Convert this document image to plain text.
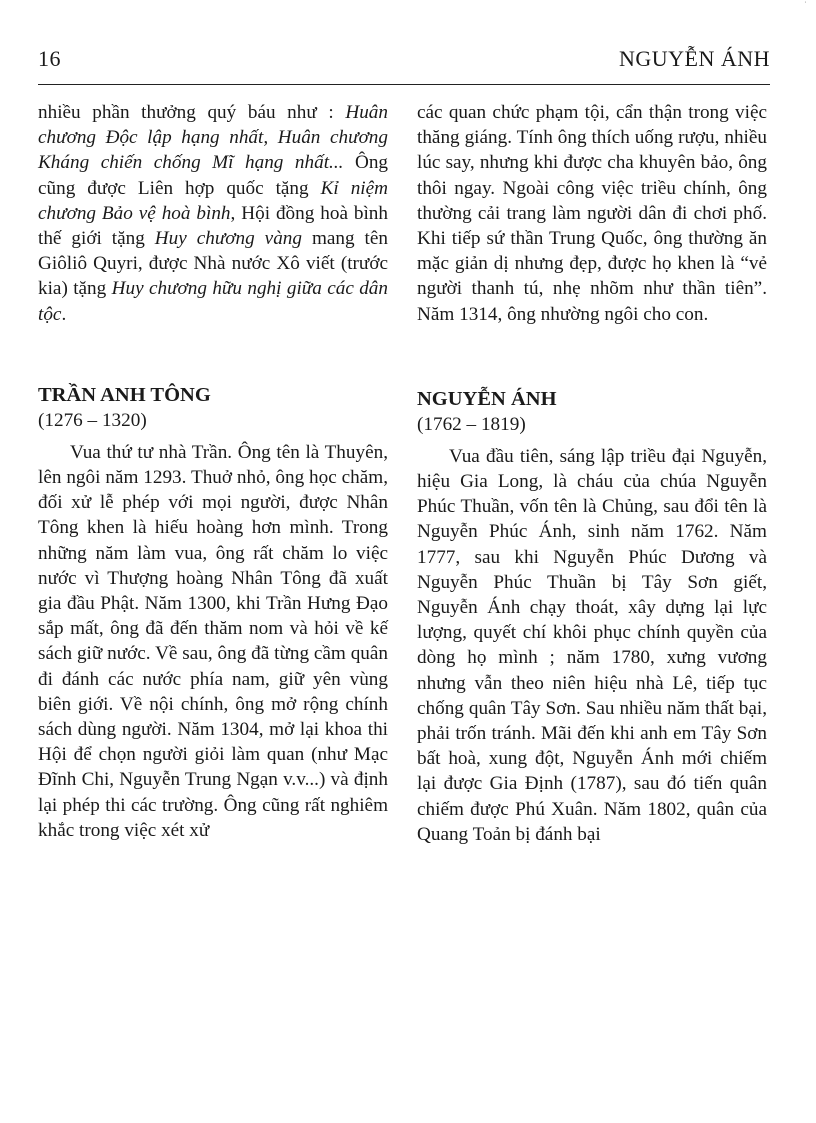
˙
16	NGUYỄN ÁNH

nhiều phần thưởng quý báu như : Huân chương Độc lập hạng nhất, Huân chương Kháng chiến chống Mĩ hạng nhất... Ông cũng được Liên hợp quốc tặng Kỉ niệm chương Bảo vệ hoà bình, Hội đồng hoà bình thế giới tặng Huy chương vàng mang tên Giôliô Quyri, được Nhà nước Xô viết (trước kia) tặng Huy chương hữu nghị giữa các dân tộc.

TRẦN ANH TÔNG

(1276 – 1320)

Vua thứ tư nhà Trần. Ông tên là Thuyên, lên ngôi năm 1293. Thuở nhỏ, ông học chăm, đối xử lễ phép với mọi người, được Nhân Tông khen là hiếu hoàng hơn mình. Trong những năm làm vua, ông rất chăm lo việc nước vì Thượng hoàng Nhân Tông đã xuất gia đầu Phật. Năm 1300, khi Trần Hưng Đạo sắp mất, ông đã đến thăm nom và hỏi về kế sách giữ nước. Về sau, ông đã từng cầm quân đi đánh các nước phía nam, giữ yên vùng biên giới. Về nội chính, ông mở rộng chính sách dùng người. Năm 1304, mở lại khoa thi Hội để chọn người giỏi làm quan (như Mạc Đĩnh Chi, Nguyễn Trung Ngạn v.v...) và định lại phép thi các trường. Ông cũng rất nghiêm khắc trong việc xét xử

các quan chức phạm tội, cẩn thận trong việc thăng giáng. Tính ông thích uống rượu, nhiều lúc say, nhưng khi được cha khuyên bảo, ông thôi ngay. Ngoài công việc triều chính, ông thường cải trang làm người dân đi chơi phố. Khi tiếp sứ thần Trung Quốc, ông thường ăn mặc giản dị nhưng đẹp, được họ khen là “vẻ người thanh tú, nhẹ nhõm như thần tiên”. Năm 1314, ông nhường ngôi cho con.

NGUYỄN ÁNH

(1762 – 1819)

Vua đầu tiên, sáng lập triều đại Nguyễn, hiệu Gia Long, là cháu của chúa Nguyễn Phúc Thuần, vốn tên là Chủng, sau đổi tên là Nguyễn Phúc Ánh, sinh năm 1762. Năm 1777, sau khi Nguyễn Phúc Dương và Nguyễn Phúc Thuần bị Tây Sơn giết, Nguyễn Ánh chạy thoát, xây dựng lại lực lượng, quyết chí khôi phục chính quyền của dòng họ mình ; năm 1780, xưng vương nhưng vẫn theo niên hiệu nhà Lê, tiếp tục chống quân Tây Sơn. Sau nhiều năm thất bại, phải trốn tránh. Mãi đến khi anh em Tây Sơn bất hoà, xung đột, Nguyễn Ánh mới chiếm lại được Gia Định (1787), sau đó tiến quân chiếm được Phú Xuân. Năm 1802, quân của Quang Toản bị đánh bại
